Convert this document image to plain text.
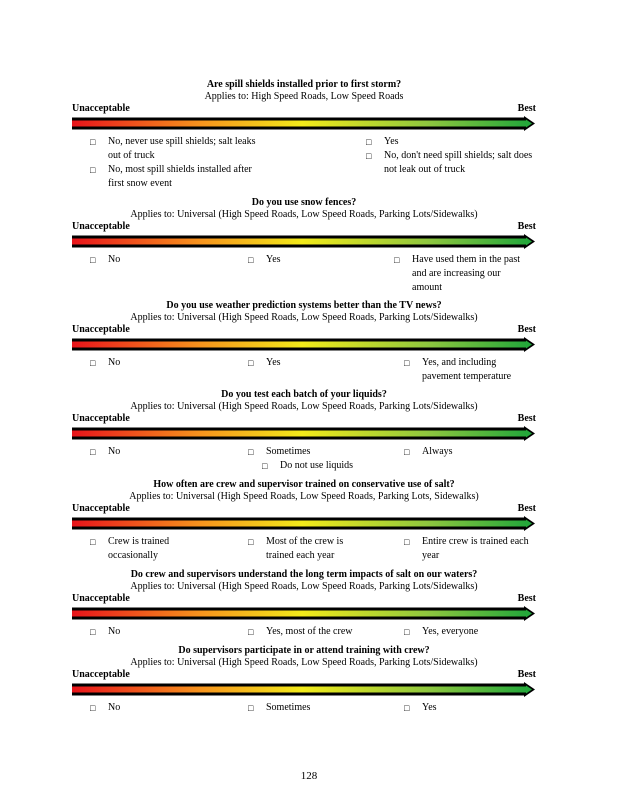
Are spill shields installed prior to first storm?
Applies to: High Speed Roads, Low Speed Roads
Unacceptable	Best
□	No, never use spill shields; salt leaks out of truck
□	No, most spill shields installed after first snow event
□	Yes
□	No, don't need spill shields; salt does not leak out of truck
Do you use snow fences?
Applies to: Universal (High Speed Roads, Low Speed Roads, Parking Lots/Sidewalks)
Unacceptable	Best
□	No	□	Yes	□	Have used them in the past and are increasing our amount
Do you use weather prediction systems better than the TV news?
Applies to: Universal (High Speed Roads, Low Speed Roads, Parking Lots/Sidewalks)
Unacceptable	Best
□	No	□	Yes	□	Yes, and including pavement temperature
Do you test each batch of your liquids?
Applies to: Universal (High Speed Roads, Low Speed Roads, Parking Lots/Sidewalks)
Unacceptable	Best
□	No	□	Sometimes	□	Always
□	Do not use liquids
How often are crew and supervisor trained on conservative use of salt?
Applies to: Universal (High Speed Roads, Low Speed Roads, Parking Lots, Sidewalks)
Unacceptable	Best
□	Crew is trained occasionally
□	Most of the crew is trained each year
□	Entire crew is trained each year
Do crew and supervisors understand the long term impacts of salt on our waters?
Applies to: Universal (High Speed Roads, Low Speed Roads, Parking Lots/Sidewalks)
Unacceptable	Best
□	No	□	Yes, most of the crew	□	Yes, everyone
Do supervisors participate in or attend training with crew?
Applies to: Universal (High Speed Roads, Low Speed Roads, Parking Lots/Sidewalks)
Unacceptable	Best
□	No	□	Sometimes	□	Yes
128
